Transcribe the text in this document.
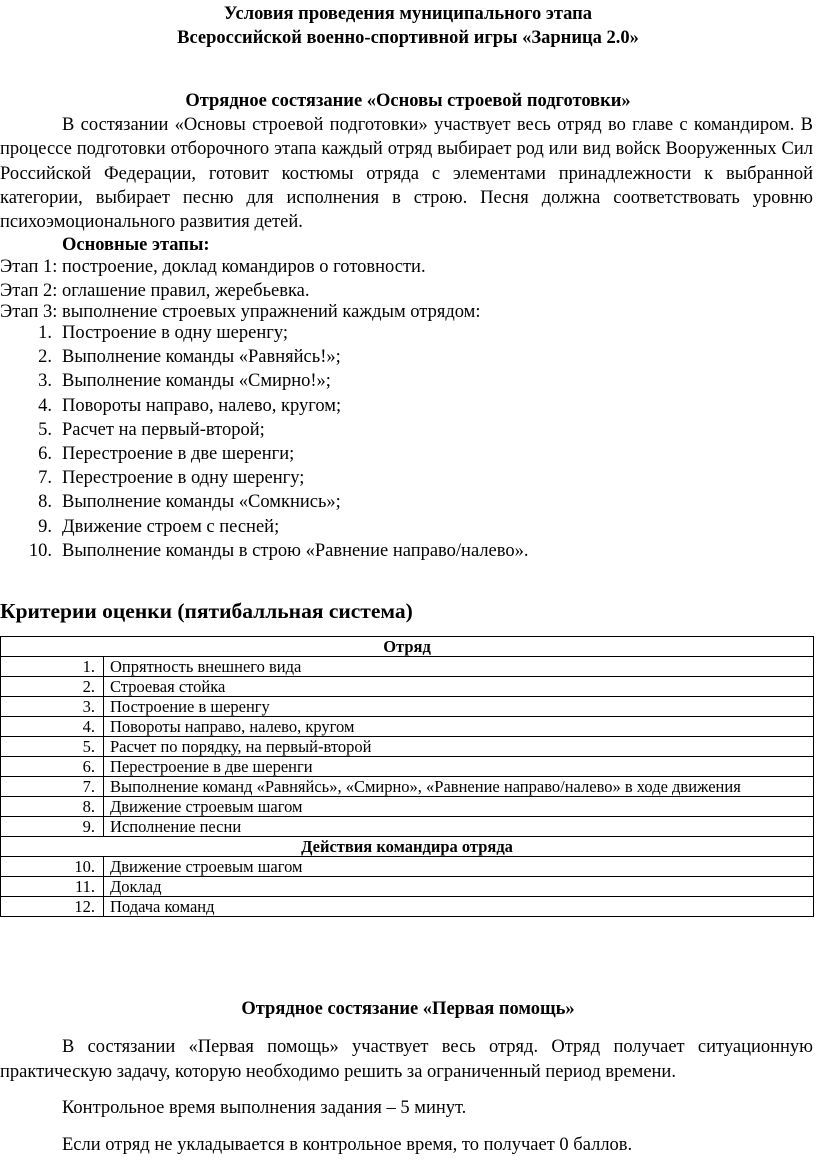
Условия проведения муниципального этапа
Всероссийской военно-спортивной игры «Зарница 2.0»
Отрядное состязание «Основы строевой подготовки»

В состязании «Основы строевой подготовки» участвует весь отряд во главе с командиром. В процессе подготовки отборочного этапа каждый отряд выбирает род или вид войск Вооруженных Сил Российской Федерации, готовит костюмы отряда с элементами принадлежности к выбранной категории, выбирает песню для исполнения в строю. Песня должна соответствовать уровню психоэмоционального развития детей.

Основные этапы:
Этап 1: построение, доклад командиров о готовности.
Этап 2: оглашение правил, жеребьевка.
Этап 3: выполнение строевых упражнений каждым отрядом:
1. Построение в одну шеренгу;
2. Выполнение команды «Равняйсь!»;
3. Выполнение команды «Смирно!»;
4. Повороты направо, налево, кругом;
5. Расчет на первый-второй;
6. Перестроение в две шеренги;
7. Перестроение в одну шеренгу;
8. Выполнение команды «Сомкнись»;
9. Движение строем с песней;
10. Выполнение команды в строю «Равнение направо/налево».
Критерии оценки (пятибалльная система)
Отряд	
1.	Опрятность внешнего вида
2.	Строевая стойка
3.	Построение в шеренгу
4.	Повороты направо, налево, кругом
5.	Расчет по порядку, на первый-второй
6.	Перестроение в две шеренги
7.	Выполнение команд «Равняйсь», «Смирно», «Равнение направо/налево» в ходе движения
8.	Движение строевым шагом
9.	Исполнение песни
Действия командира отряда	
10.	Движение строевым шагом
11.	Доклад
12.	Подача команд
Отрядное состязание «Первая помощь»

В состязании «Первая помощь» участвует весь отряд. Отряд получает ситуационную практическую задачу, которую необходимо решить за ограниченный период времени.

Контрольное время выполнения задания – 5 минут.

Если отряд не укладывается в контрольное время, то получает 0 баллов.
